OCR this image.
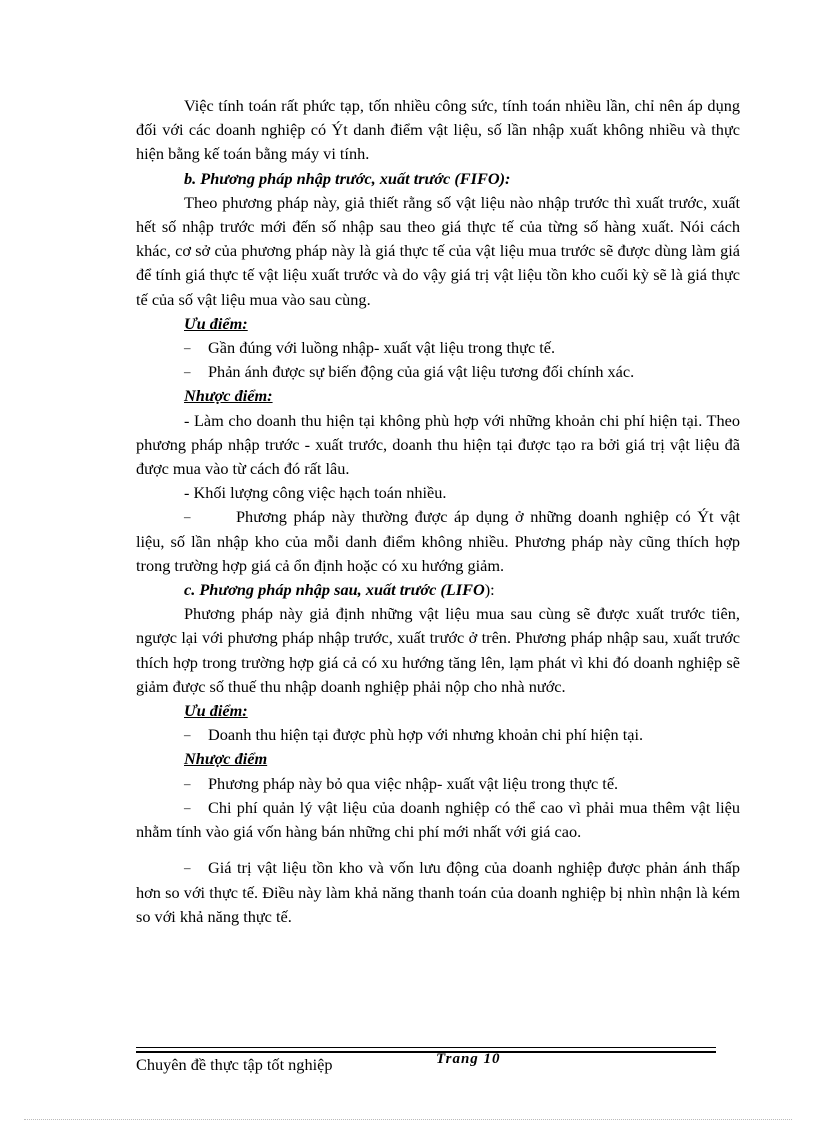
Việc tính toán rất phức tạp, tốn nhiều công sức, tính toán nhiều lần, chỉ nên áp dụng đối với các doanh nghiệp có Ýt danh điểm vật liệu, số lần nhập xuất không nhiều và thực hiện bằng kế toán bằng máy vi tính.

b. Phương pháp nhập trước, xuất trước (FIFO):

Theo phương pháp này, giả thiết rằng số vật liệu nào nhập trước thì xuất trước, xuất hết số nhập trước mới đến số nhập sau theo giá thực tế của từng số hàng xuất. Nói cách khác, cơ sở của phương pháp này là giá thực tế của vật liệu mua trước sẽ được dùng làm giá để tính giá thực tế vật liệu xuất trước và do vậy giá trị vật liệu tồn kho cuối kỳ sẽ là giá thực tế của số vật liệu mua vào sau cùng.

Ưu điểm:

– Gần đúng với luồng nhập- xuất vật liệu trong thực tế.

– Phản ánh được sự biến động của giá vật liệu tương đối chính xác.

Nhược điểm:

- Làm cho doanh thu hiện tại không phù hợp với những khoản chi phí hiện tại. Theo phương pháp nhập trước - xuất trước, doanh thu hiện tại được tạo ra bởi giá trị vật liệu đã được mua vào từ cách đó rất lâu.

- Khối lượng công việc hạch toán nhiều.

–	Phương pháp này thường được áp dụng ở những doanh nghiệp có Ýt vật liệu, số lần nhập kho của mỗi danh điểm không nhiều. Phương pháp này cũng thích hợp trong trường hợp giá cả ổn định hoặc có xu hướng giảm.

c. Phương pháp nhập sau, xuất trước (LIFO):

Phương pháp này giả định những vật liệu mua sau cùng sẽ được xuất trước tiên, ngược lại với phương pháp nhập trước, xuất trước ở trên. Phương pháp nhập sau, xuất trước thích hợp trong trường hợp giá cả có xu hướng tăng lên, lạm phát vì khi đó doanh nghiệp sẽ giảm được số thuế thu nhập doanh nghiệp phải nộp cho nhà nước.

Ưu điểm:

– Doanh thu hiện tại được phù hợp với nhưng khoản chi phí hiện tại.

Nhược điểm

– Phương pháp này bỏ qua việc nhập- xuất vật liệu trong thực tế.

– Chi phí quản lý vật liệu của doanh nghiệp có thể cao vì phải mua thêm vật liệu nhằm tính vào giá vốn hàng bán những chi phí mới nhất với giá cao.

– Giá trị vật liệu tồn kho và vốn lưu động của doanh nghiệp được phản ánh thấp hơn so với thực tế. Điều này làm khả năng thanh toán của doanh nghiệp bị nhìn nhận là kém so với khả năng thực tế.

Chuyên đề thực tập tốt nghiệp	Trang 10
